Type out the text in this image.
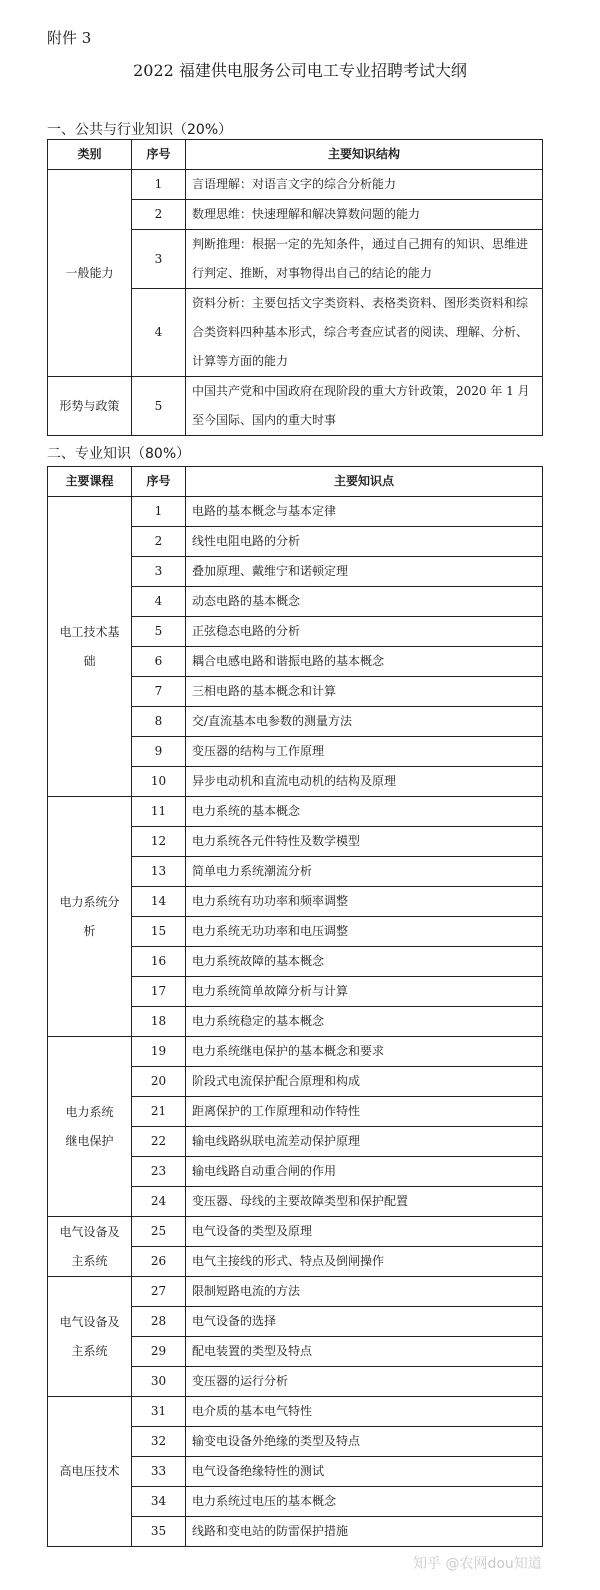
附件 3
2022 福建供电服务公司电工专业招聘考试大纲
一、公共与行业知识（20%）
类别	序号	主要知识结构
一般能力	1	言语理解：对语言文字的综合分析能力
	2	数理思维：快速理解和解决算数问题的能力
	3	判断推理：根据一定的先知条件，通过自己拥有的知识、思维进行判定、推断，对事物得出自己的结论的能力
	4	资料分析：主要包括文字类资料、表格类资料、图形类资料和综合类资料四种基本形式，综合考查应试者的阅读、理解、分析、计算等方面的能力
形势与政策	5	中国共产党和中国政府在现阶段的重大方针政策，2020 年 1 月至今国际、国内的重大时事
二、专业知识（80%）
主要课程	序号	主要知识点

电工技术基
础	1	电路的基本概念与基本定律
	2	线性电阻电路的分析
	3	叠加原理、戴维宁和诺顿定理
	4	动态电路的基本概念
	5	正弦稳态电路的分析
	6	耦合电感电路和谐振电路的基本概念
	7	三相电路的基本概念和计算
	8	交/直流基本电参数的测量方法
	9	变压器的结构与工作原理
	10	异步电动机和直流电动机的结构及原理

电力系统分
析	11	电力系统的基本概念
	12	电力系统各元件特性及数学模型
	13	简单电力系统潮流分析
	14	电力系统有功功率和频率调整
	15	电力系统无功功率和电压调整
	16	电力系统故障的基本概念
	17	电力系统简单故障分析与计算
	18	电力系统稳定的基本概念

电力系统
继电保护	19	电力系统继电保护的基本概念和要求
	20	阶段式电流保护配合原理和构成
	21	距离保护的工作原理和动作特性
	22	输电线路纵联电流差动保护原理
	23	输电线路自动重合闸的作用
	24	变压器、母线的主要故障类型和保护配置

电气设备及
主系统	25	电气设备的类型及原理
	26	电气主接线的形式、特点及倒闸操作

电气设备及
主系统	27	限制短路电流的方法
	28	电气设备的选择
	29	配电装置的类型及特点
	30	变压器的运行分析

高电压技术	31	电介质的基本电气特性
	32	输变电设备外绝缘的类型及特点
	33	电气设备绝缘特性的测试
	34	电力系统过电压的基本概念
	35	线路和变电站的防雷保护措施
知乎 @农网dou知道
